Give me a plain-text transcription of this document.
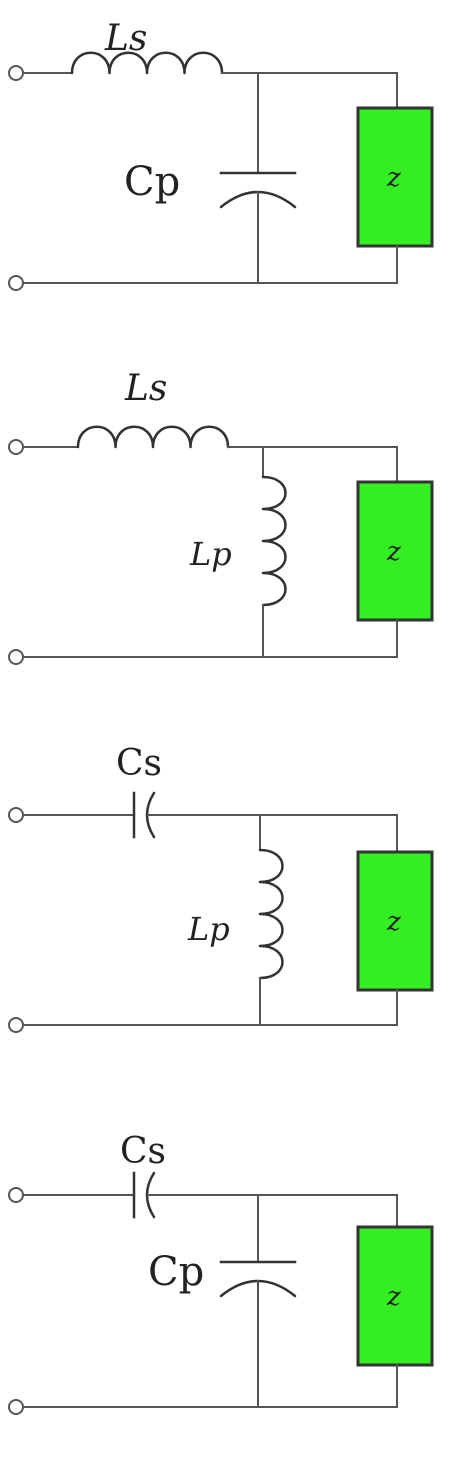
Ls
Cp	z
Ls
Lp	z
Cs
Lp	z
Cs
Cp
z
